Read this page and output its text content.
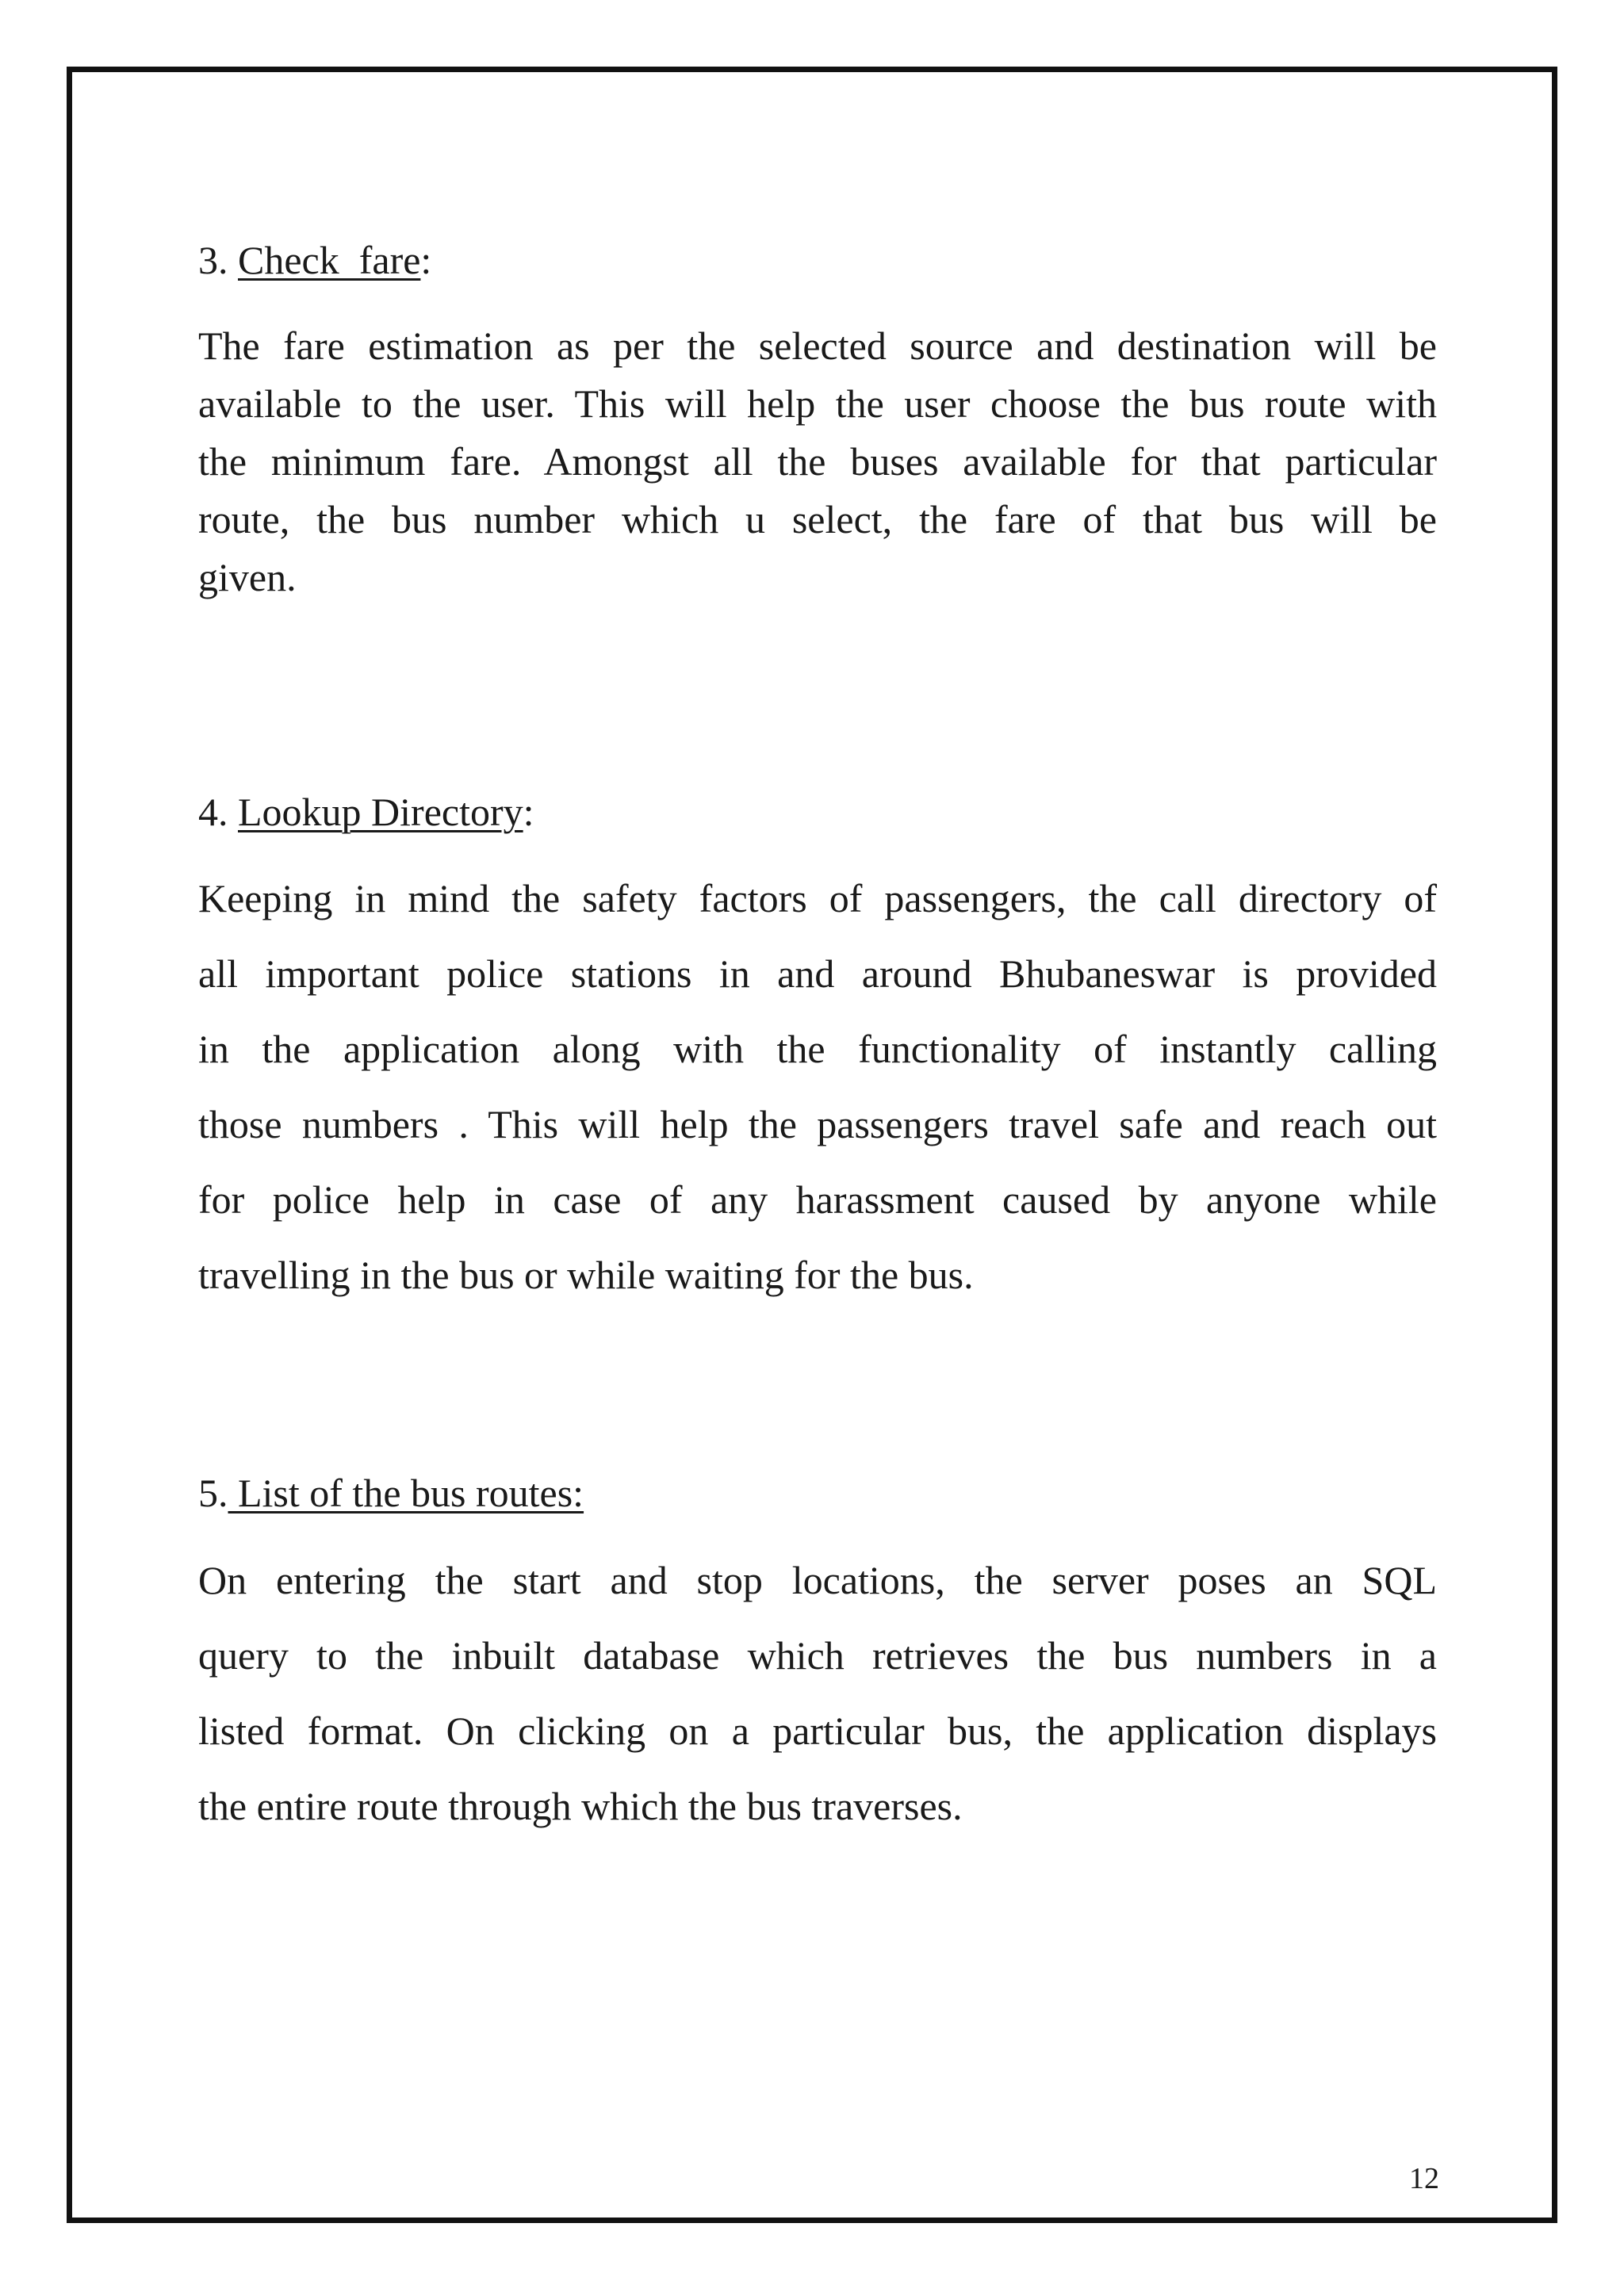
3. Check  fare:

The fare estimation as per the selected source and destination will be
available to the user. This will help the user choose the bus route with
the minimum fare. Amongst all the buses available for that particular
route, the bus number which u select, the fare of that bus will be
given.

4. Lookup Directory:

Keeping in mind the safety factors of passengers, the call directory of
all important police stations in and around Bhubaneswar is provided
in the application along with the functionality of instantly calling
those numbers . This will help the passengers travel safe and reach out
for police help in case of any harassment caused by anyone while
travelling in the bus or while waiting for the bus.

5. List of the bus routes:

On entering the start and stop locations, the server poses an SQL
query to the inbuilt database which retrieves the bus numbers in a
listed format. On clicking on a particular bus, the application displays
the entire route through which the bus traverses.

12
